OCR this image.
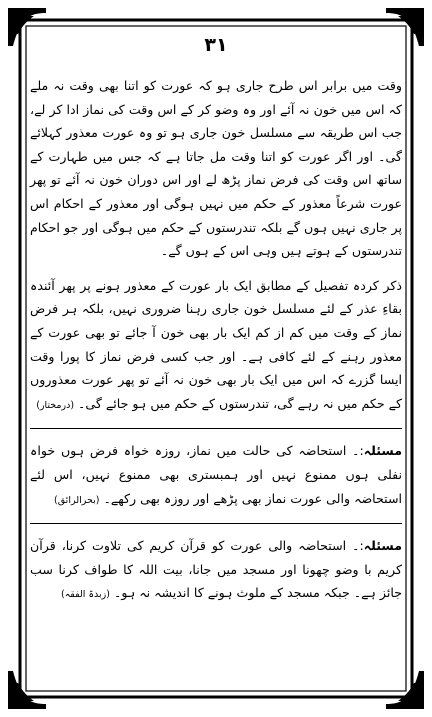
۳۱

وقت میں برابر اس طرح جاری ہو کہ عورت کو اتنا بھی وقت نہ ملے کہ اس میں خون نہ آئے اور وہ وضو کر کے اس وقت کی نماز ادا کر لے، جب اس طریقہ سے مسلسل خون جاری ہو تو وہ عورت معذور کہلائے گی۔ اور اگر عورت کو اتنا وقت مل جاتا ہے کہ جس میں طہارت کے ساتھ اس وقت کی فرض نماز پڑھ لے اور اس دوران خون نہ آئے تو پھر عورت شرعاً معذور کے حکم میں نہیں ہوگی اور معذور کے احکام اس پر جاری نہیں ہوں گے بلکہ تندرستوں کے حکم میں ہوگی اور جو احکام تندرستوں کے ہوتے ہیں وہی اس کے ہوں گے۔

ذکر کردہ تفصیل کے مطابق ایک بار عورت کے معذور ہونے پر پھر آئندہ بقاءِ عذر کے لئے مسلسل خون جاری رہنا ضروری نہیں، بلکہ ہر فرض نماز کے وقت میں کم از کم ایک بار بھی خون آ جائے تو بھی عورت کے معذور رہنے کے لئے کافی ہے۔ اور جب کسی فرض نماز کا پورا وقت ایسا گزرے کہ اس میں ایک بار بھی خون نہ آئے تو پھر عورت معذوروں کے حکم میں نہ رہے گی، تندرستوں کے حکم میں ہو جائے گی۔ (درمختار)

مسئلہ:۔ استحاضہ کی حالت میں نماز، روزہ خواہ فرض ہوں خواہ نفلی ہوں ممنوع نہیں اور ہمبستری بھی ممنوع نہیں، اس لئے استحاضہ والی عورت نماز بھی پڑھے اور روزہ بھی رکھے۔ (بحرالرائق)

مسئلہ:۔ استحاضہ والی عورت کو قرآن کریم کی تلاوت کرنا، قرآن کریم با وضو چھونا اور مسجد میں جانا، بیت اللہ کا طواف کرنا سب جائز ہے۔ جبکہ مسجد کے ملوث ہونے کا اندیشہ نہ ہو۔ (زبدۃ الفقہ)
